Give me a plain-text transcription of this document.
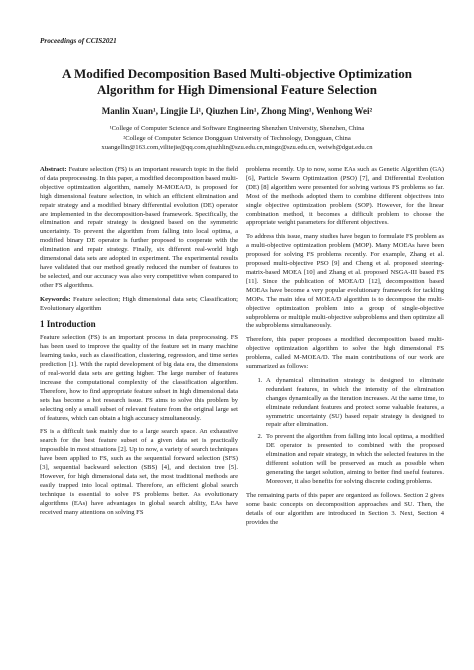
Proceedings of CCIS2021
A Modified Decomposition Based Multi-objective Optimization Algorithm for High Dimensional Feature Selection
Manlin Xuan¹, Lingjie Li¹, Qiuzhen Lin¹, Zhong Ming¹, Wenhong Wei²
¹College of Computer Science and Software Engineering Shenzhen University, Shenzhen, China
²College of Computer Science Dongguan University of Technology, Dongguan, China
xuangellin@163.com,vilitejie@qq.com,qiuzhlin@szu.edu.cn,mingz@szu.edu.cn, weiwh@dgut.edu.cn

Abstract: Feature selection (FS) is an important research topic in the field of data preprocessing. In this paper, a modified decomposition based multi-objective optimization algorithm, namely M-MOEA/D, is proposed for high dimensional feature selection, in which an efficient elimination and repair strategy and a modified binary differential evolution (DE) operator are implemented in the decomposition-based framework. Specifically, the elimination and repair strategy is designed based on the symmetric uncertainty. To prevent the algorithm from falling into local optima, a modified binary DE operator is further proposed to cooperate with the elimination and repair strategy. Finally, six different real-world high dimensional data sets are adopted in experiment. The experimental results have validated that our method greatly reduced the number of features to be selected, and our accuracy was also very competitive when compared to other FS algorithms.

Keywords: Feature selection; High dimensional data sets; Classification; Evolutionary algorithm

1 Introduction

Feature selection (FS) is an important process in data preprocessing. FS has been used to improve the quality of the feature set in many machine learning tasks, such as classification, clustering, regression, and time series prediction [1]. With the rapid development of big data era, the dimensions of real-world data sets are getting higher. The large number of features increase the computational complexity of the classification algorithm. Therefore, how to find appropriate feature subset in high dimensional data sets has become a hot research issue. FS aims to solve this problem by selecting only a small subset of relevant feature from the original large set of features, which can obtain a high accuracy simultaneously.

FS is a difficult task mainly due to a large search space. An exhaustive search for the best feature subset of a given data set is practically impossible in most situations [2]. Up to now, a variety of search techniques have been applied to FS, such as the sequential forward selection (SFS) [3], sequential backward selection (SBS) [4], and decision tree [5]. However, for high dimensional data set, the most traditional methods are easily trapped into local optimal. Therefore, an efficient global search technique is essential to solve FS problems better. As evolutionary algorithms (EAs) have advantages in global search ability, EAs have received many attentions on solving FS

problems recently. Up to now, some EAs such as Genetic Algorithm (GA) [6], Particle Swarm Optimization (PSO) [7], and Differential Evolution (DE) [8] algorithm were presented for solving various FS problems so far. Most of the methods adopted them to combine different objectives into single objective optimization problem (SOP). However, for the linear combination method, it becomes a difficult problem to choose the appropriate weight parameters for different objectives.

To address this issue, many studies have begun to formulate FS problem as a multi-objective optimization problem (MOP). Many MOEAs have been proposed for solving FS problems recently. For example, Zhang et al. proposed multi-objective PSO [9] and Cheng et al. proposed steering-matrix-based MOEA [10] and Zhang et al. proposed NSGA-III based FS [11]. Since the publication of MOEA/D [12], decomposition based MOEAs have become a very popular evolutionary framework for tackling MOPs. The main idea of MOEA/D algorithm is to decompose the multi-objective optimization problem into a group of single-objective subproblems or multiple multi-objective subproblems and then optimize all the subproblems simultaneously.

Therefore, this paper proposes a modified decomposition based multi-objective optimization algorithm to solve the high dimensional FS problems, called M-MOEA/D. The main contributions of our work are summarized as follows:

1. A dynamical elimination strategy is designed to eliminate redundant features, in which the intensity of the elimination changes dynamically as the iteration increases. At the same time, to eliminate redundant features and protect some valuable features, a symmetric uncertainty (SU) based repair strategy is designed to repair after elimination.
2. To prevent the algorithm from falling into local optima, a modified DE operator is presented to combined with the proposed elimination and repair strategy, in which the selected features in the different solution will be preserved as much as possible when generating the target solution, aiming to better find useful features. Moreover, it also benefits for solving discrete coding problems.

The remaining parts of this paper are organized as follows. Section 2 gives some basic concepts on decomposition approaches and SU. Then, the details of our algorithm are introduced in Section 3. Next, Section 4 provides the
